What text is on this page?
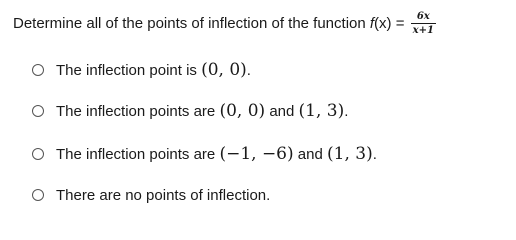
Determine all of the points of inflection of the function $f(x) = \frac{6x}{x+1}$
The inflection point is (0, 0).
The inflection points are (0, 0) and (1, 3).
The inflection points are (−1, −6) and (1, 3).
There are no points of inflection.
